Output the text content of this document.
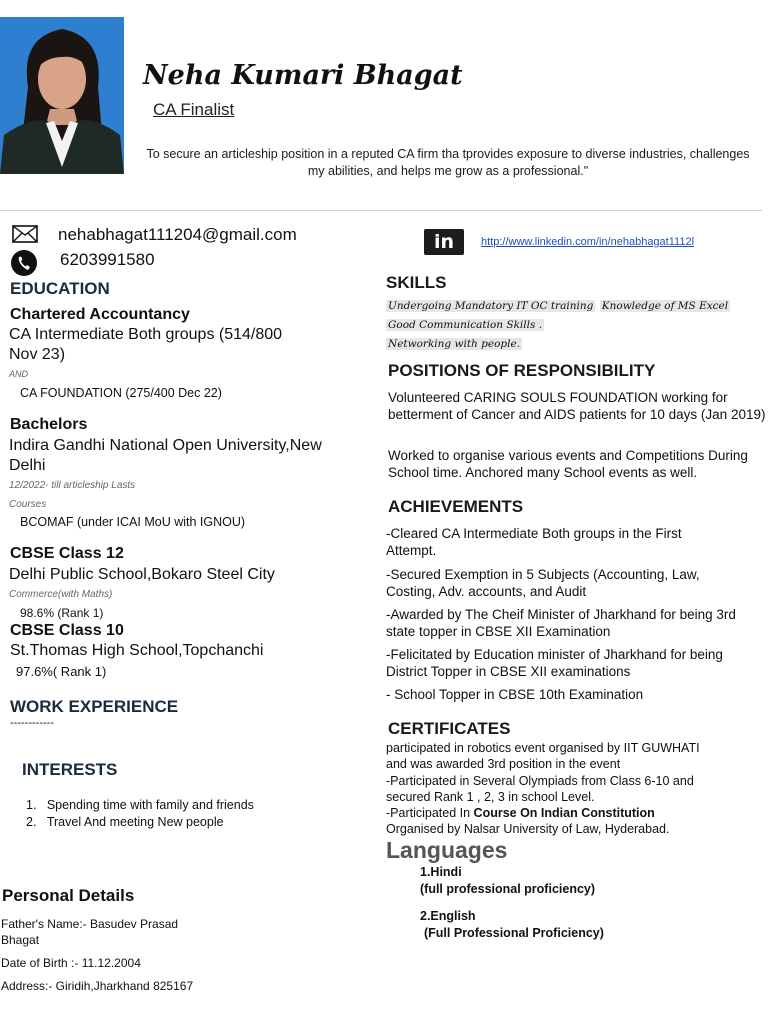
Neha Kumari Bhagat
CA Finalist
To secure an articleship position in a reputed CA firm tha tprovides exposure to diverse industries, challenges my abilities, and helps me grow as a professional."
nehabhagat111204@gmail.com
6203991580
in	http://www.linkedin.com/in/nehabhagat1112l
EDUCATION
Chartered Accountancy
CA Intermediate Both groups (514/800
Nov 23)
AND
CA FOUNDATION (275/400 Dec 22)
Bachelors
Indira Gandhi National Open University,New
Delhi
12/2022- till articleship Lasts
Courses
BCOMAF (under ICAI MoU with IGNOU)
CBSE Class 12
Delhi Public School,Bokaro Steel City
Commerce(with Maths)
98.6% (Rank 1)
CBSE Class 10
St.Thomas High School,Topchanchi
97.6%( Rank 1)
WORK EXPERIENCE
------------
INTERESTS
1.   Spending time with family and friends
2.   Travel And meeting New people
Personal Details
Father's Name:- Basudev Prasad
Bhagat
Date of Birth :- 11.12.2004
Address:- Giridih,Jharkhand 825167
SKILLS
Undergoing Mandatory IT OC training Knowledge of MS Excel
Good Communication Skills .
Networking with people.
POSITIONS OF RESPONSIBILITY
Volunteered CARING SOULS FOUNDATION working for betterment of Cancer and AIDS patients for 10 days (Jan 2019)
Worked to organise various events and Competitions During School time. Anchored many School events as well.
ACHIEVEMENTS
-Cleared CA Intermediate Both groups in the First Attempt.
-Secured Exemption in 5 Subjects (Accounting, Law, Costing, Adv. accounts, and Audit
-Awarded by The Cheif Minister of Jharkhand for being 3rd state topper in CBSE XII Examination
-Felicitated by Education minister of Jharkhand for being District Topper in CBSE XII examinations
- School Topper in CBSE 10th Examination
CERTIFICATES
participated in robotics event organised by IIT GUWHATI
and was awarded 3rd position in the event
-Participated in Several Olympiads from Class 6-10 and
secured Rank 1 , 2, 3 in school Level.
-Participated In Course On Indian Constitution
Organised by Nalsar University of Law, Hyderabad.
Languages
1.Hindi
(full professional proficiency)
2.English
(Full Professional Proficiency)
